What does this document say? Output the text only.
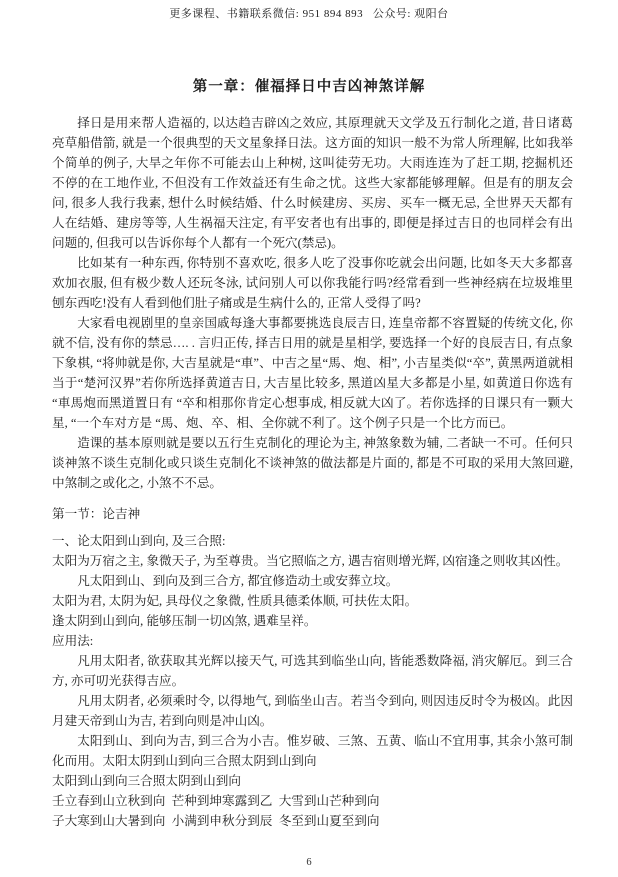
更多课程、书籍联系微信: 951 894 893   公众号: 观阳台
第一章：催福择日中吉凶神煞详解

择日是用来帮人造福的, 以达趋吉辟凶之效应, 其原理就天文学及五行制化之道, 昔日诸葛亮草船借箭, 就是一个很典型的天文星象择日法。这方面的知识一般不为常人所理解, 比如我举个简单的例子, 大旱之年你不可能去山上种树, 这叫徒劳无功。大雨连连为了赶工期, 挖掘机还不停的在工地作业, 不但没有工作效益还有生命之忧。这些大家都能够理解。但是有的朋友会问, 很多人我行我素, 想什么时候结婚、什么时候建房、买房、买车一概无忌, 全世界天天都有人在结婚、建房等等, 人生祸福天注定, 有平安者也有出事的, 即便是择过吉日的也同样会有出问题的, 但我可以告诉你每个人都有一个死穴(禁忌)。

比如某有一种东西, 你特别不喜欢吃, 很多人吃了没事你吃就会出问题, 比如冬天大多都喜欢加衣服, 但有极少数人还玩冬泳, 试问别人可以你我能行吗?经常看到一些神经病在垃圾堆里刨东西吃!没有人看到他们肚子痛或是生病什么的, 正常人受得了吗?

大家看电视剧里的皇亲国戚每逢大事都要挑选良辰吉日, 连皇帝都不容置疑的传统文化, 你就不信, 没有你的禁忌…. . 言归正传, 择吉日用的就是星相学, 要选择一个好的良辰吉日, 有点象下象棋, “将帅就是你, 大吉星就是“車”、中吉之星“馬、炮、相”, 小吉星类似“卒”, 黄黑两道就相当于“楚河汉界”若你所选择黄道吉日, 大吉星比较多, 黑道凶星大多都是小星, 如黄道日你选有 “車馬炮而黑道置日有 “卒和相那你肯定心想事成, 相反就大凶了。若你选择的日课只有一颗大星, “一个车对方是 “馬、炮、卒、相、全你就不利了。这个例子只是一个比方而已。

造课的基本原则就是要以五行生克制化的理论为主, 神煞象数为辅, 二者缺一不可。任何只谈神煞不谈生克制化或只谈生克制化不谈神煞的做法都是片面的, 都是不可取的采用大煞回避, 中煞制之或化之, 小煞不不忌。

第一节：论吉神

一、论太阳到山到向, 及三合照:

太阳为万宿之主, 象微天子, 为至尊贵。当它照临之方, 遇吉宿则增光辉, 凶宿逢之则收其凶性。

凡太阳到山、到向及到三合方, 都宜修造动土或安葬立坟。

太阳为君, 太阴为妃, 具母仪之象微, 性质具德柔体顺, 可扶佐太阳。

逢太阴到山到向, 能够压制一切凶煞, 遇难呈祥。

应用法:

凡用太阳者, 欲获取其光辉以接天气, 可选其到临坐山向, 皆能悉数降福, 消灾解厄。到三合方, 亦可叨光获得吉应。

凡用太阴者, 必须乘时令, 以得地气, 到临坐山吉。若当令到向, 则因违反时令为极凶。此因月建天帝到山为吉, 若到向则是冲山凶。

太阳到山、到向为吉, 到三合为小吉。惟岁破、三煞、五黄、临山不宜用事, 其余小煞可制化而用。太阳太阴到山到向三合照太阴到山到向

太阳到山到向三合照太阴到山到向

壬立春到山立秋到向  芒种到坤寒露到乙  大雪到山芒种到向

子大寒到山大暑到向  小满到申秋分到辰  冬至到山夏至到向

6
